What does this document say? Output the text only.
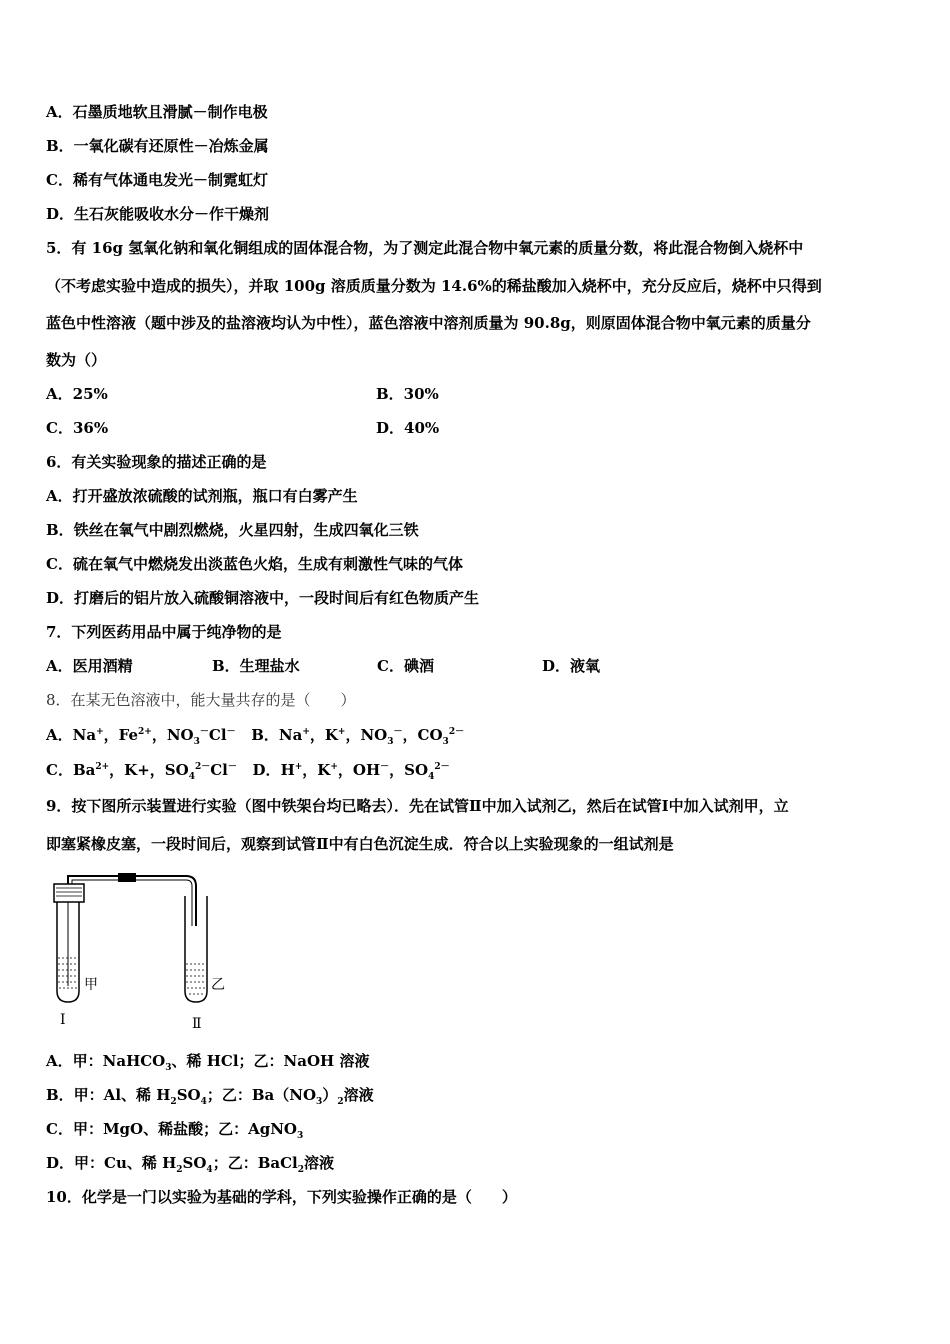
A．石墨质地软且滑腻－制作电极
B．一氧化碳有还原性－冶炼金属
C．稀有气体通电发光－制霓虹灯
D．生石灰能吸收水分－作干燥剂
5．有 16g 氢氧化钠和氧化铜组成的固体混合物，为了测定此混合物中氧元素的质量分数，将此混合物倒入烧杯中
（不考虑实验中造成的损失），并取 100g 溶质质量分数为 14.6%的稀盐酸加入烧杯中，充分反应后，烧杯中只得到
蓝色中性溶液（题中涉及的盐溶液均认为中性），蓝色溶液中溶剂质量为 90.8g，则原固体混合物中氧元素的质量分
数为（）
A．25%	B．30%
C．36%	D．40%
6．有关实验现象的描述正确的是
A．打开盛放浓硫酸的试剂瓶，瓶口有白雾产生
B．铁丝在氧气中剧烈燃烧，火星四射，生成四氧化三铁
C．硫在氧气中燃烧发出淡蓝色火焰，生成有刺激性气味的气体
D．打磨后的铝片放入硫酸铜溶液中，一段时间后有红色物质产生
7．下列医药用品中属于纯净物的是
A．医用酒精	B．生理盐水	C．碘酒	D．液氧
8．在某无色溶液中，能大量共存的是（　　）
A．Na+，$Fe^{2+}$，$NO_3^-Cl^-$ B．Na+，K+，$NO_3^-$，$CO_3^{2-}$
C．$Ba^{2+}$，K+，$SO_4^{2-}Cl^-$ D．H+，K+，OH－，$SO_4^{2-}$
9．按下图所示装置进行实验（图中铁架台均已略去）．先在试管Ⅱ中加入试剂乙，然后在试管Ⅰ中加入试剂甲，立
即塞紧橡皮塞，一段时间后，观察到试管Ⅱ中有白色沉淀生成．符合以上实验现象的一组试剂是
甲
Ⅰ
乙
Ⅱ
A．甲：NaHCO$_3$、稀 HCl；乙：NaOH 溶液
B．甲：Al、稀 $H_2SO_4$；乙：$Ba(NO_3)_2$溶液
C．甲：MgO、稀盐酸；乙：AgNO$_3$
D．甲：Cu、稀 $H_2SO_4$；乙：BaCl$_2$溶液
10．化学是一门以实验为基础的学科，下列实验操作正确的是（　　）
